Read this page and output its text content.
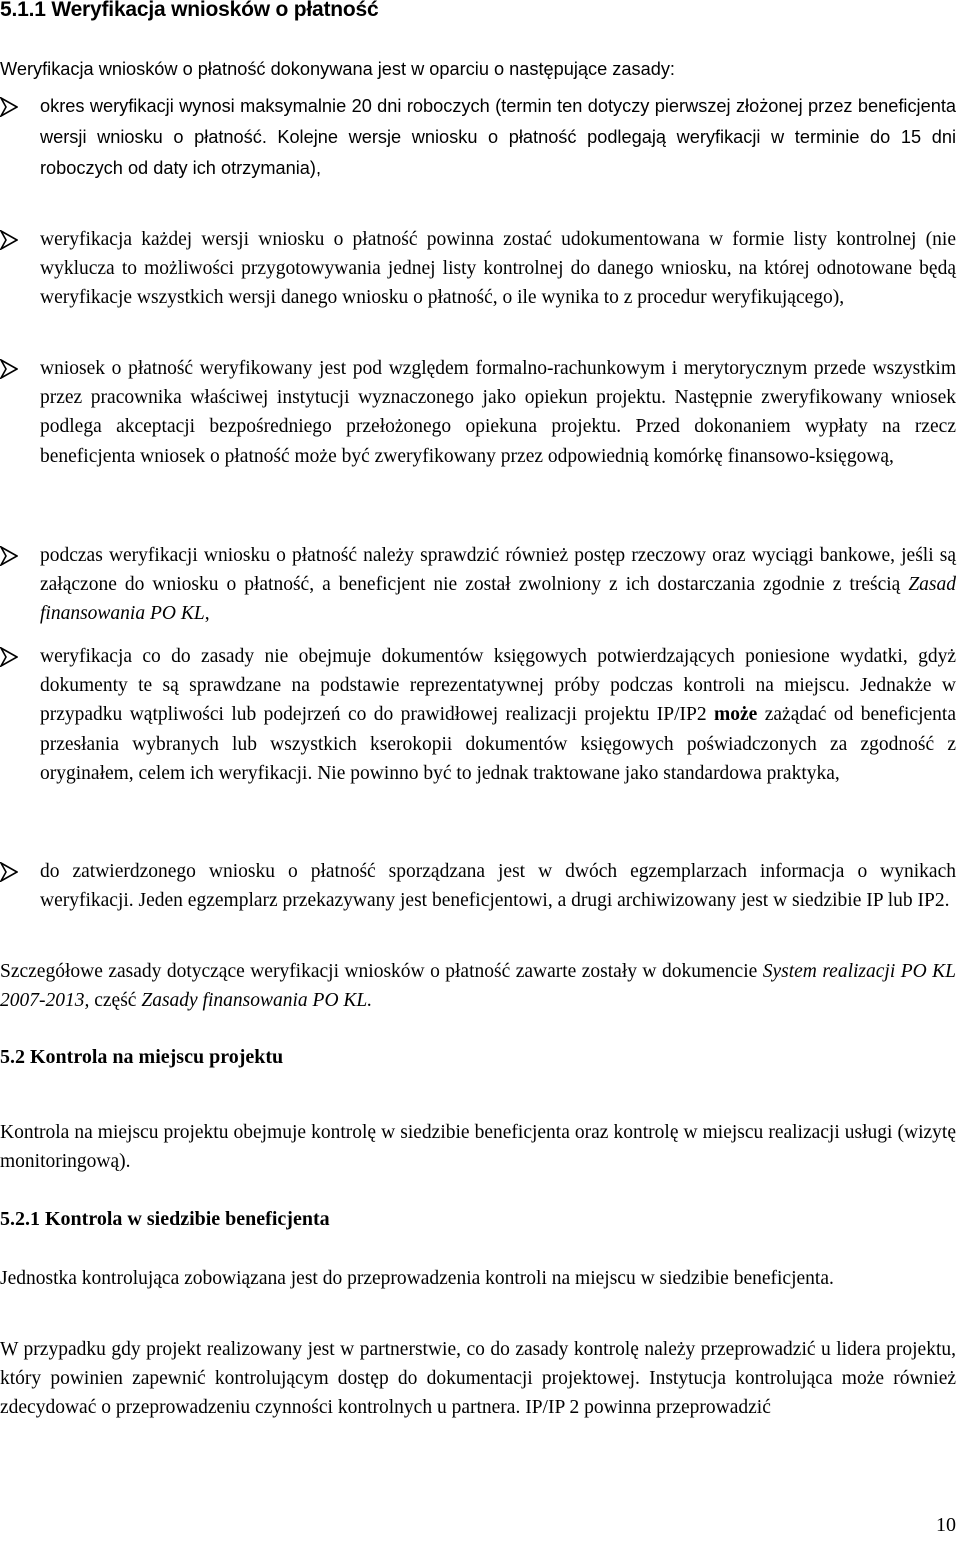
5.1.1 Weryfikacja wniosków o płatność

Weryfikacja wniosków o płatność dokonywana jest w oparciu o następujące zasady:

okres weryfikacji wynosi maksymalnie 20 dni roboczych (termin ten dotyczy pierwszej złożonej przez beneficjenta wersji wniosku o płatność. Kolejne wersje wniosku o płatność podlegają weryfikacji w terminie do 15 dni roboczych od daty ich otrzymania),
weryfikacja każdej wersji wniosku o płatność powinna zostać udokumentowana w formie listy kontrolnej (nie wyklucza to możliwości przygotowywania jednej listy kontrolnej do danego wniosku, na której odnotowane będą weryfikacje wszystkich wersji danego wniosku o płatność, o ile wynika to z procedur weryfikującego),
wniosek o płatność weryfikowany jest pod względem formalno-rachunkowym i merytorycznym przede wszystkim przez pracownika właściwej instytucji wyznaczonego jako opiekun projektu. Następnie zweryfikowany wniosek podlega akceptacji bezpośredniego przełożonego opiekuna projektu. Przed dokonaniem wypłaty na rzecz beneficjenta wniosek o płatność może być zweryfikowany przez odpowiednią komórkę finansowo-księgową,
podczas weryfikacji wniosku o płatność należy sprawdzić również postęp rzeczowy oraz wyciągi bankowe, jeśli są załączone do wniosku o płatność, a beneficjent nie został zwolniony z ich dostarczania zgodnie z treścią Zasad finansowania PO KL,
weryfikacja co do zasady nie obejmuje dokumentów księgowych potwierdzających poniesione wydatki, gdyż dokumenty te są sprawdzane na podstawie reprezentatywnej próby podczas kontroli na miejscu. Jednakże w przypadku wątpliwości lub podejrzeń co do prawidłowej realizacji projektu IP/IP2 może zażądać od beneficjenta przesłania wybranych lub wszystkich kserokopii dokumentów księgowych poświadczonych za zgodność z oryginałem, celem ich weryfikacji. Nie powinno być to jednak traktowane jako standardowa praktyka,
do zatwierdzonego wniosku o płatność sporządzana jest w dwóch egzemplarzach informacja o wynikach weryfikacji. Jeden egzemplarz przekazywany jest beneficjentowi, a drugi archiwizowany jest w siedzibie IP lub IP2.

Szczegółowe zasady dotyczące weryfikacji wniosków o płatność zawarte zostały w dokumencie System realizacji PO KL 2007-2013, część Zasady finansowania PO KL.

5.2 Kontrola na miejscu projektu

Kontrola na miejscu projektu obejmuje kontrolę w siedzibie beneficjenta oraz kontrolę w miejscu realizacji usługi (wizytę monitoringową).

5.2.1 Kontrola w siedzibie beneficjenta

Jednostka kontrolująca zobowiązana jest do przeprowadzenia kontroli na miejscu w siedzibie beneficjenta.

W przypadku gdy projekt realizowany jest w partnerstwie, co do zasady kontrolę należy przeprowadzić u lidera projektu, który powinien zapewnić kontrolującym dostęp do dokumentacji projektowej. Instytucja kontrolująca może również zdecydować o przeprowadzeniu czynności kontrolnych u partnera. IP/IP 2 powinna przeprowadzić

10
